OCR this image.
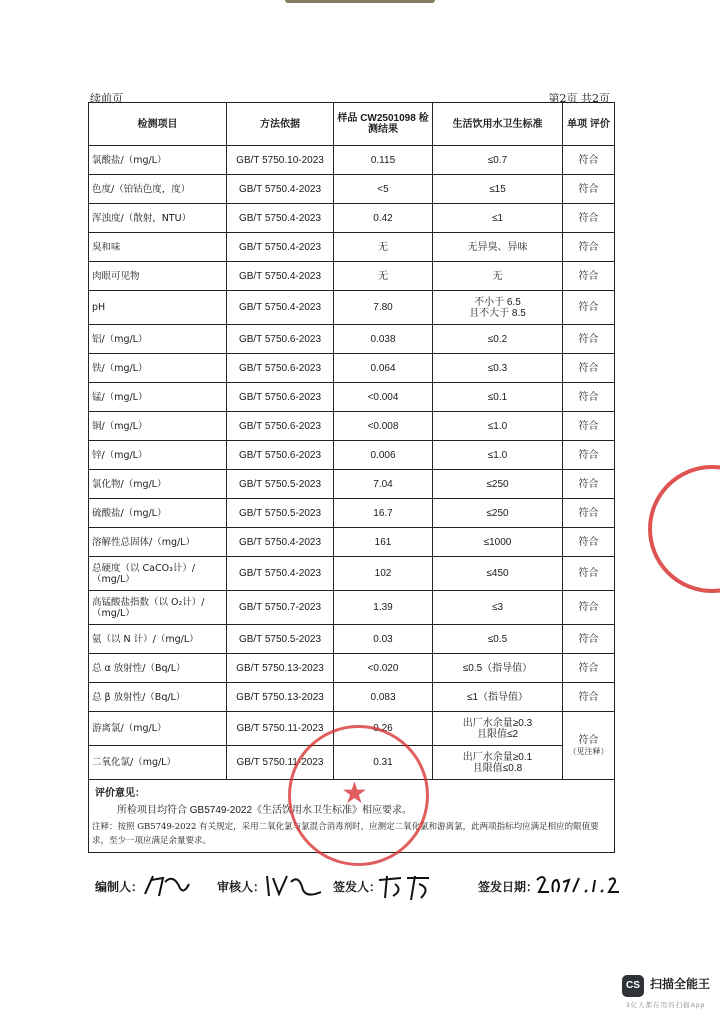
续前页	第2页 共2页
检测项目	方法依据	样品 CW2501098 检测结果	生活饮用水卫生标准	单项 评价
氯酸盐/（mg/L）	GB/T 5750.10-2023	0.115	≤0.7	符合
色度/（铂钴色度，度）	GB/T 5750.4-2023	<5	≤15	符合
浑浊度/（散射，NTU）	GB/T 5750.4-2023	0.42	≤1	符合
臭和味	GB/T 5750.4-2023	无	无异臭、异味	符合
肉眼可见物	GB/T 5750.4-2023	无	无	符合
pH	GB/T 5750.4-2023	7.80	不小于 6.5
且不大于 8.5	符合
铝/（mg/L）	GB/T 5750.6-2023	0.038	≤0.2	符合
铁/（mg/L）	GB/T 5750.6-2023	0.064	≤0.3	符合
锰/（mg/L）	GB/T 5750.6-2023	<0.004	≤0.1	符合
铜/（mg/L）	GB/T 5750.6-2023	<0.008	≤1.0	符合
锌/（mg/L）	GB/T 5750.6-2023	0.006	≤1.0	符合
氯化物/（mg/L）	GB/T 5750.5-2023	7.04	≤250	符合
硫酸盐/（mg/L）	GB/T 5750.5-2023	16.7	≤250	符合
溶解性总固体/（mg/L）	GB/T 5750.4-2023	161	≤1000	符合
总硬度（以 CaCO₃计）/（mg/L）	GB/T 5750.4-2023	102	≤450	符合
高锰酸盐指数（以 O₂计）/（mg/L）	GB/T 5750.7-2023	1.39	≤3	符合
氨（以 N 计）/（mg/L）	GB/T 5750.5-2023	0.03	≤0.5	符合
总 α 放射性/（Bq/L）	GB/T 5750.13-2023	<0.020	≤0.5（指导值）	符合
总 β 放射性/（Bq/L）	GB/T 5750.13-2023	0.083	≤1（指导值）	符合
游离氯/（mg/L）	GB/T 5750.11-2023	0.26	出厂水余量≥0.3
且限值≤2	符合
（见注释）

二氧化氯/（mg/L）	GB/T 5750.11-2023	0.31	出厂水余量≥0.1
且限值≤0.8	

评价意见：
所检项目均符合 GB5749-2022《生活饮用水卫生标准》相应要求。				
注释：按照 GB5749-2022 有关规定，采用二氧化氯与氯混合消毒剂时，应测定二氧化氯和游离氯，此两项指标均应满足相应的限值要求，至少一项应满足余量要求。
编制人：	审核人：	签发人：	签发日期：
★
CS 扫描全能王
3亿人都在用的扫描App
